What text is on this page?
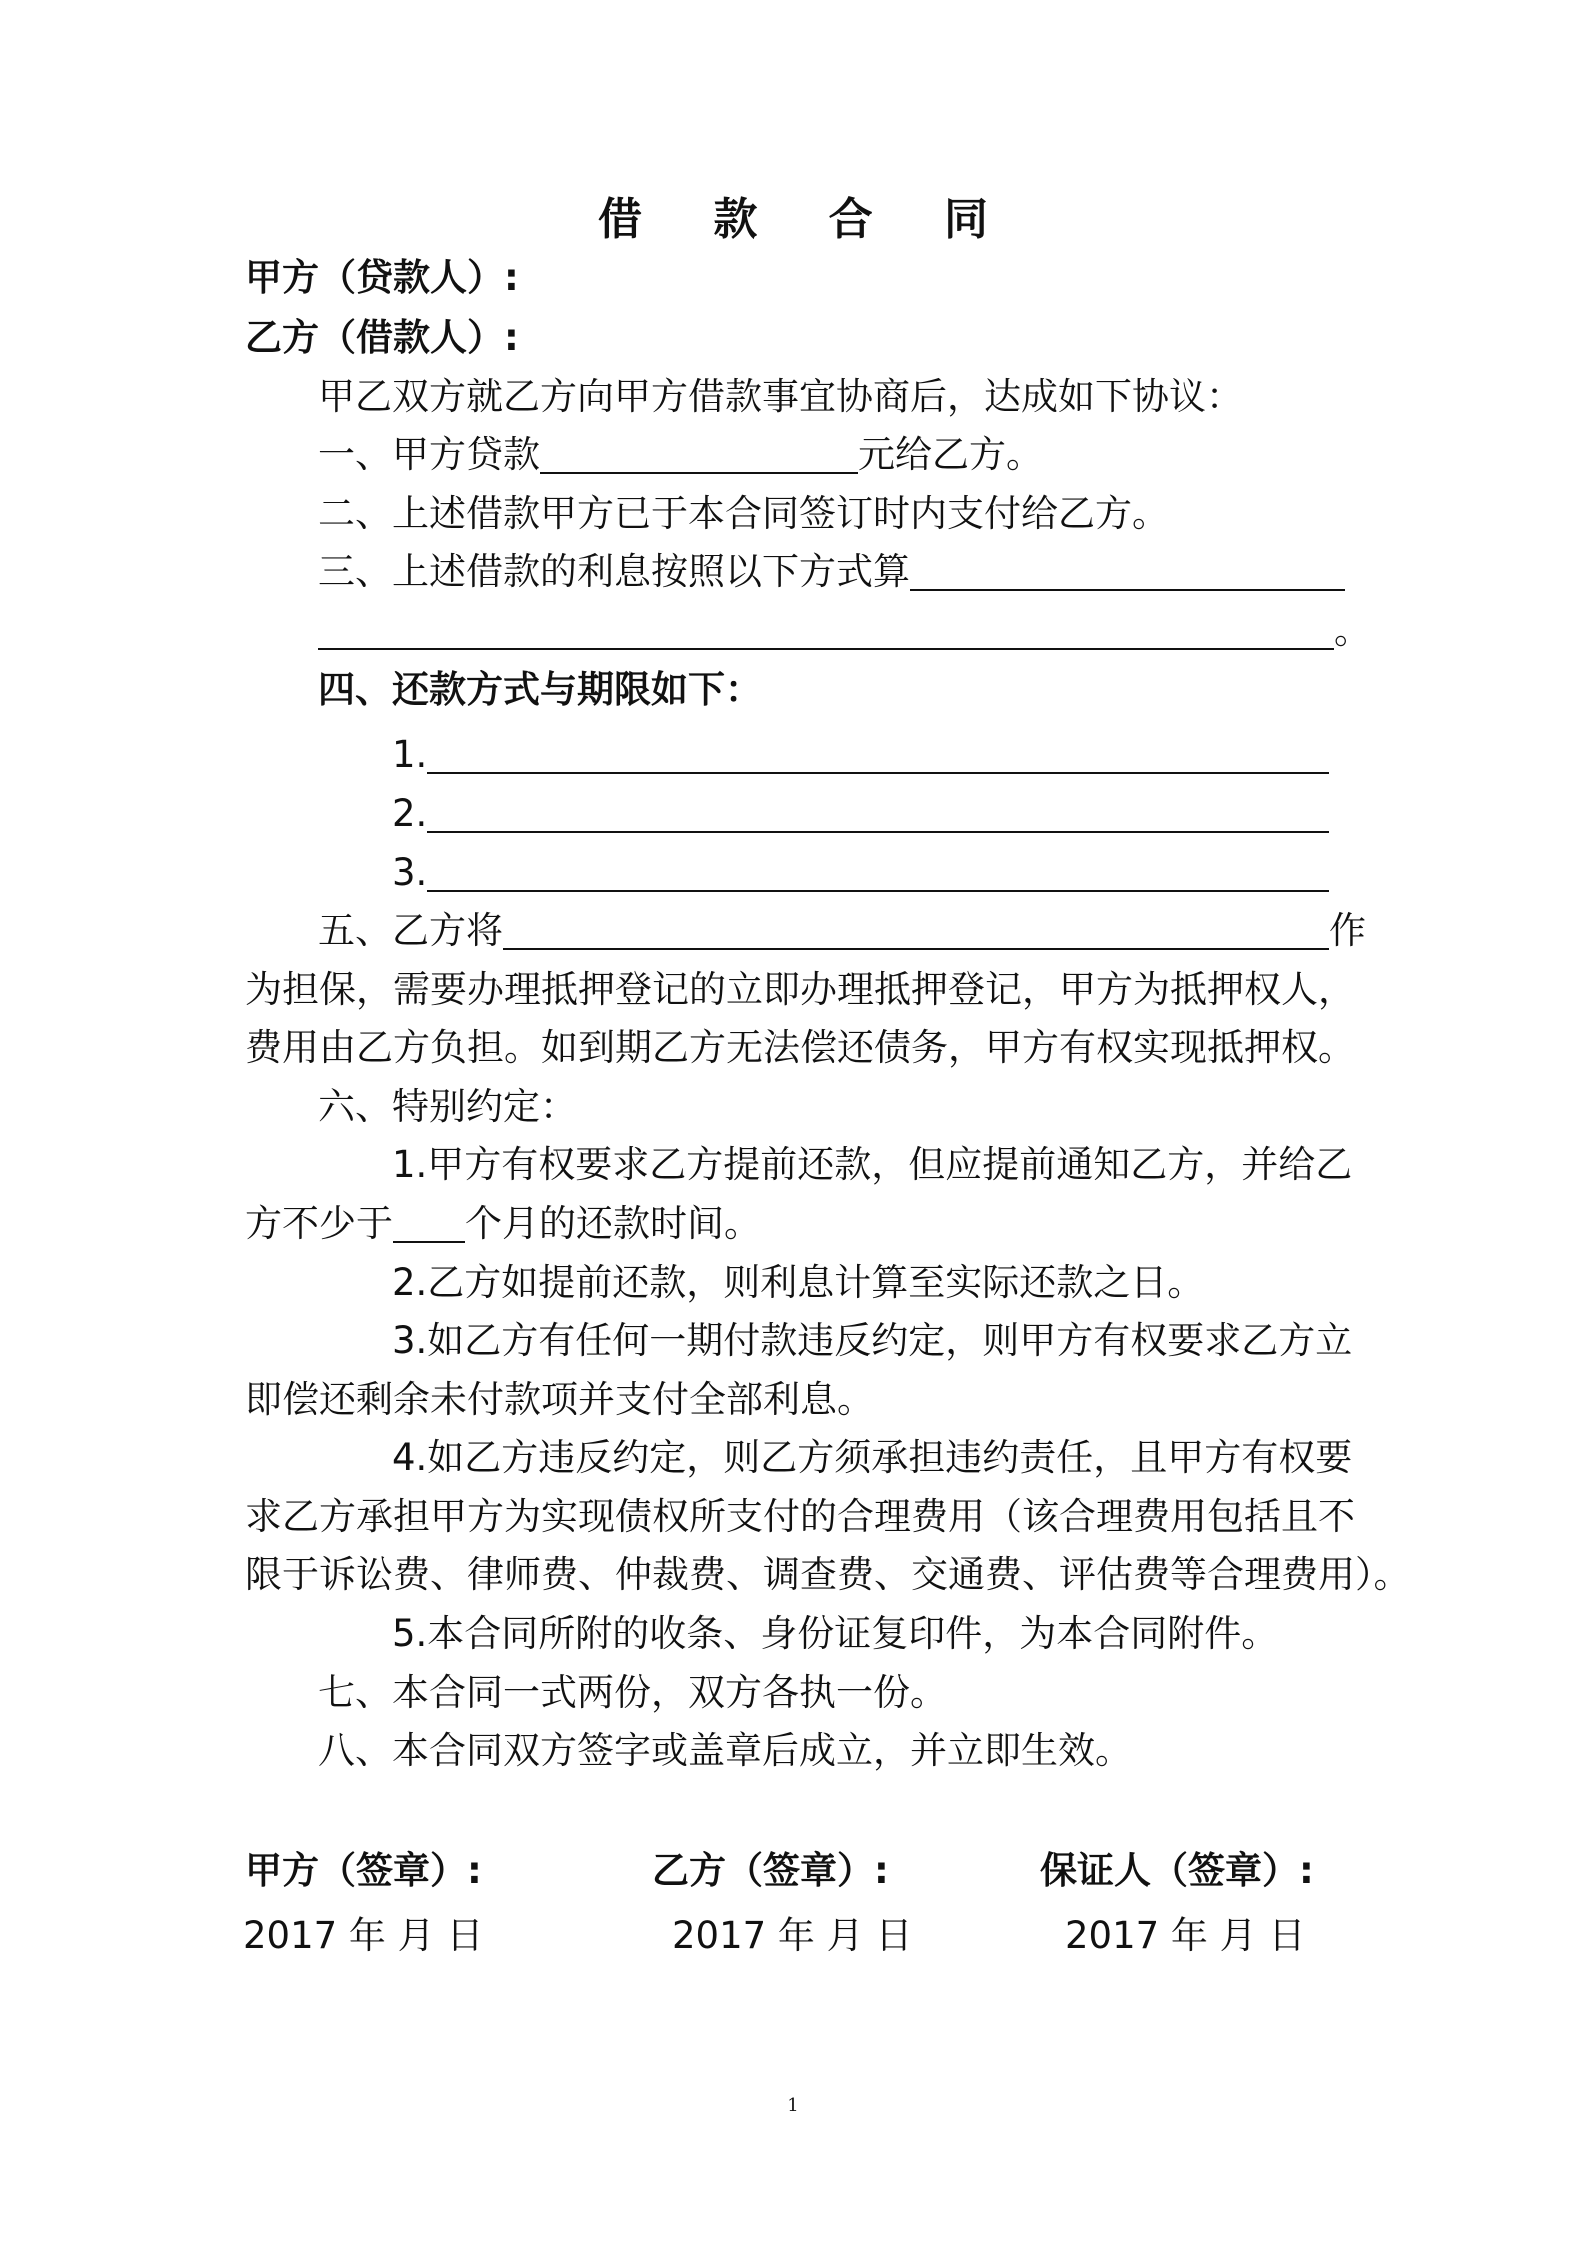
借 款 合 同
甲方（贷款人）:
乙方（借款人）:
甲乙双方就乙方向甲方借款事宜协商后，达成如下协议：
一、甲方贷款	元给乙方。
二、上述借款甲方已于本合同签订时内支付给乙方。
三、上述借款的利息按照以下方式算
。
四、还款方式与期限如下：
1.
2.
3.
五、乙方将	作
为担保，需要办理抵押登记的立即办理抵押登记，甲方为抵押权人，
费用由乙方负担。如到期乙方无法偿还债务，甲方有权实现抵押权。
六、特别约定：
1.甲方有权要求乙方提前还款，但应提前通知乙方，并给乙
方不少于 个月的还款时间。
2.乙方如提前还款，则利息计算至实际还款之日。
3.如乙方有任何一期付款违反约定，则甲方有权要求乙方立
即偿还剩余未付款项并支付全部利息。
4.如乙方违反约定，则乙方须承担违约责任，且甲方有权要
求乙方承担甲方为实现债权所支付的合理费用（该合理费用包括且不
限于诉讼费、律师费、仲裁费、调查费、交通费、评估费等合理费用）。
5.本合同所附的收条、身份证复印件，为本合同附件。
七、本合同一式两份，双方各执一份。
八、本合同双方签字或盖章后成立，并立即生效。
甲方（签章）:	乙方（签章）:	保证人（签章）:
2017 年 月 日	2017 年 月 日	2017 年 月 日
1
